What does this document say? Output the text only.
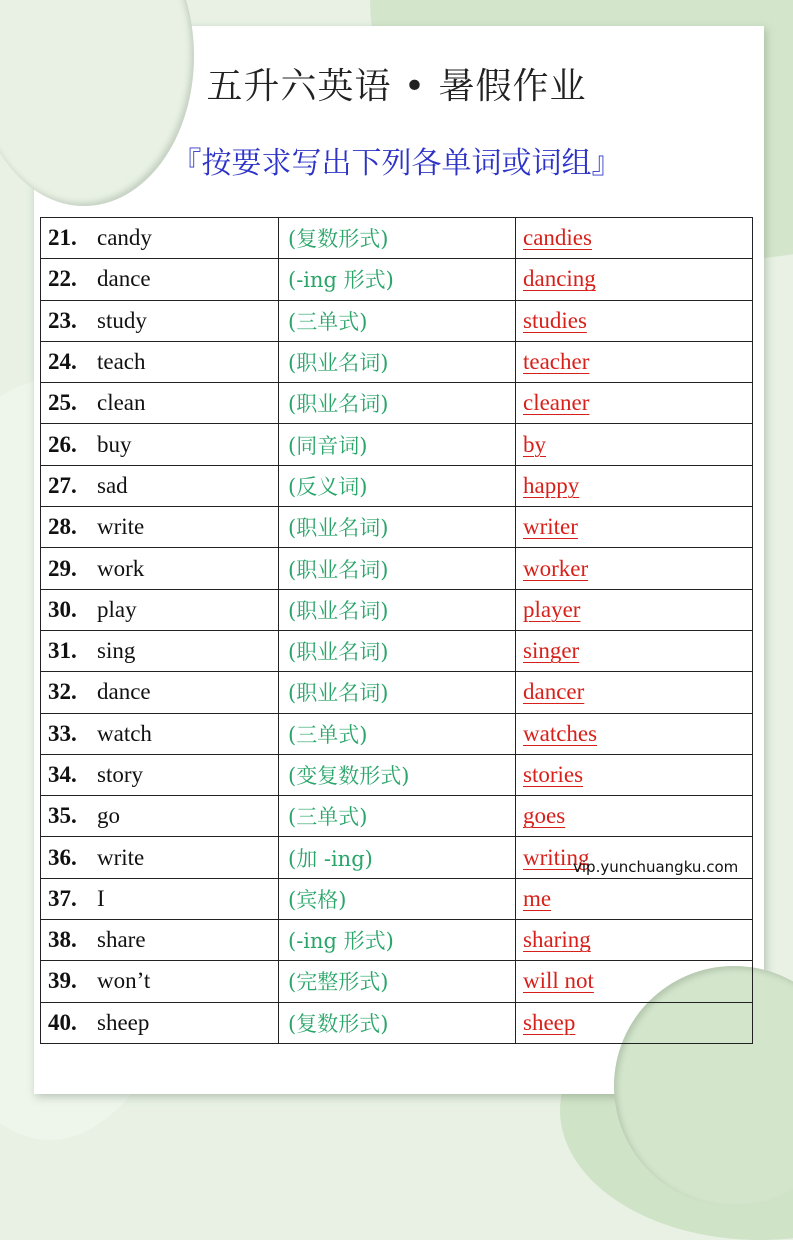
五升六英语 • 暑假作业
『按要求写出下列各单词或词组』
21. candy	(复数形式)	candies
22. dance	(-ing 形式)	dancing
23. study	(三单式)	studies
24. teach	(职业名词)	teacher
25. clean	(职业名词)	cleaner
26. buy	(同音词)	by
27. sad	(反义词)	happy
28. write	(职业名词)	writer
29. work	(职业名词)	worker
30. play	(职业名词)	player
31. sing	(职业名词)	singer
32. dance	(职业名词)	dancer
33. watch	(三单式)	watches
34. story	(变复数形式)	stories
35. go	(三单式)	goes
36. write	(加 -ing)	writing
37. I	(宾格)	me
38. share	(-ing 形式)	sharing
39. won’t	(完整形式)	will not
40. sheep	(复数形式)	sheep
vip.yunchuangku.com
